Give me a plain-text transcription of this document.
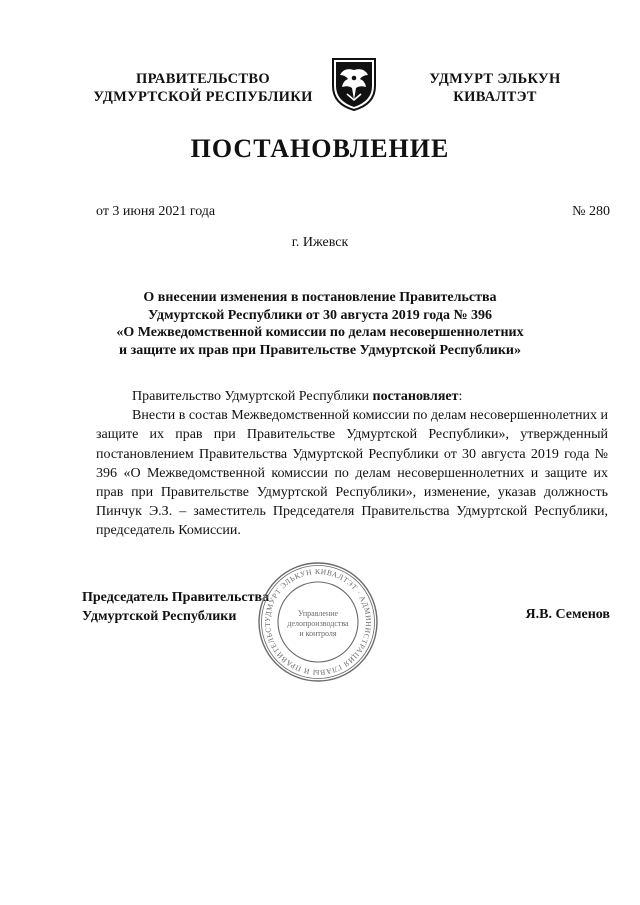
ПРАВИТЕЛЬСТВО
УДМУРТСКОЙ РЕСПУБЛИКИ
УДМУРТ ЭЛЬКУН
КИВАЛТЭТ
ПОСТАНОВЛЕНИЕ
от 3 июня 2021 года	№ 280
г. Ижевск
О внесении изменения в постановление Правительства
Удмуртской Республики от 30 августа 2019 года № 396
«О Межведомственной комиссии по делам несовершеннолетних
и защите их прав при Правительстве Удмуртской Республики»
Правительство Удмуртской Республики постановляет:
Внести в состав Межведомственной комиссии по делам несовершеннолетних и защите их прав при Правительстве Удмуртской Республики», утвержденный постановлением Правительства Удмуртской Республики от 30 августа 2019 года № 396 «О Межведомственной комиссии по делам несовершеннолетних и защите их прав при Правительстве Удмуртской Республики», изменение, указав должность Пинчук Э.З. – заместитель Председателя Правительства Удмуртской Республики, председатель Комиссии.
Председатель Правительства
Удмуртской Республики	Я.В. Семенов
УДМУРТ ЭЛЬКУН КИВАЛТЭТ · АДМИНИСТРАЦИЯ ГЛАВЫ И ПРАВИТЕЛЬСТ
Управление
делопроизводства
и контроля
